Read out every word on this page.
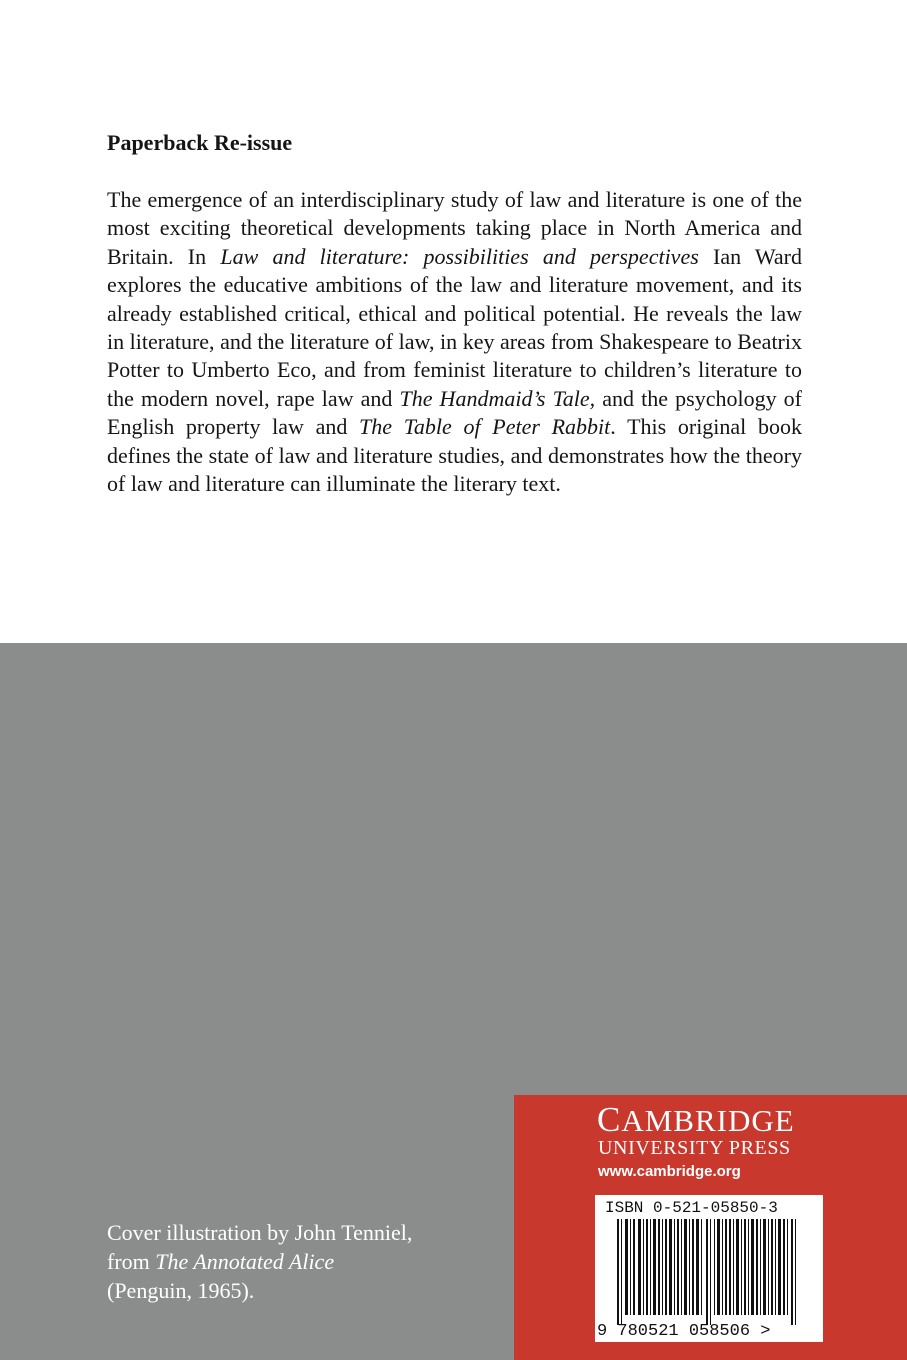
Paperback Re-issue

The emergence of an interdisciplinary study of law and literature is one of the most exciting theoretical developments taking place in North America and Britain. In Law and literature: possibilities and perspectives Ian Ward explores the educative ambitions of the law and literature movement, and its already established critical, ethical and political potential. He reveals the law in literature, and the literature of law, in key areas from Shakespeare to Beatrix Potter to Umberto Eco, and from feminist literature to children’s literature to the modern novel, rape law and The Handmaid’s Tale, and the psychology of English property law and The Table of Peter Rabbit. This original book defines the state of law and literature studies, and demonstrates how the theory of law and literature can illuminate the literary text.

Cover illustration by John Tenniel,
from The Annotated Alice
(Penguin, 1965).

CAMBRIDGE

UNIVERSITY PRESS

www.cambridge.org

ISBN 0-521-05850-3

9 780521 058506 >
